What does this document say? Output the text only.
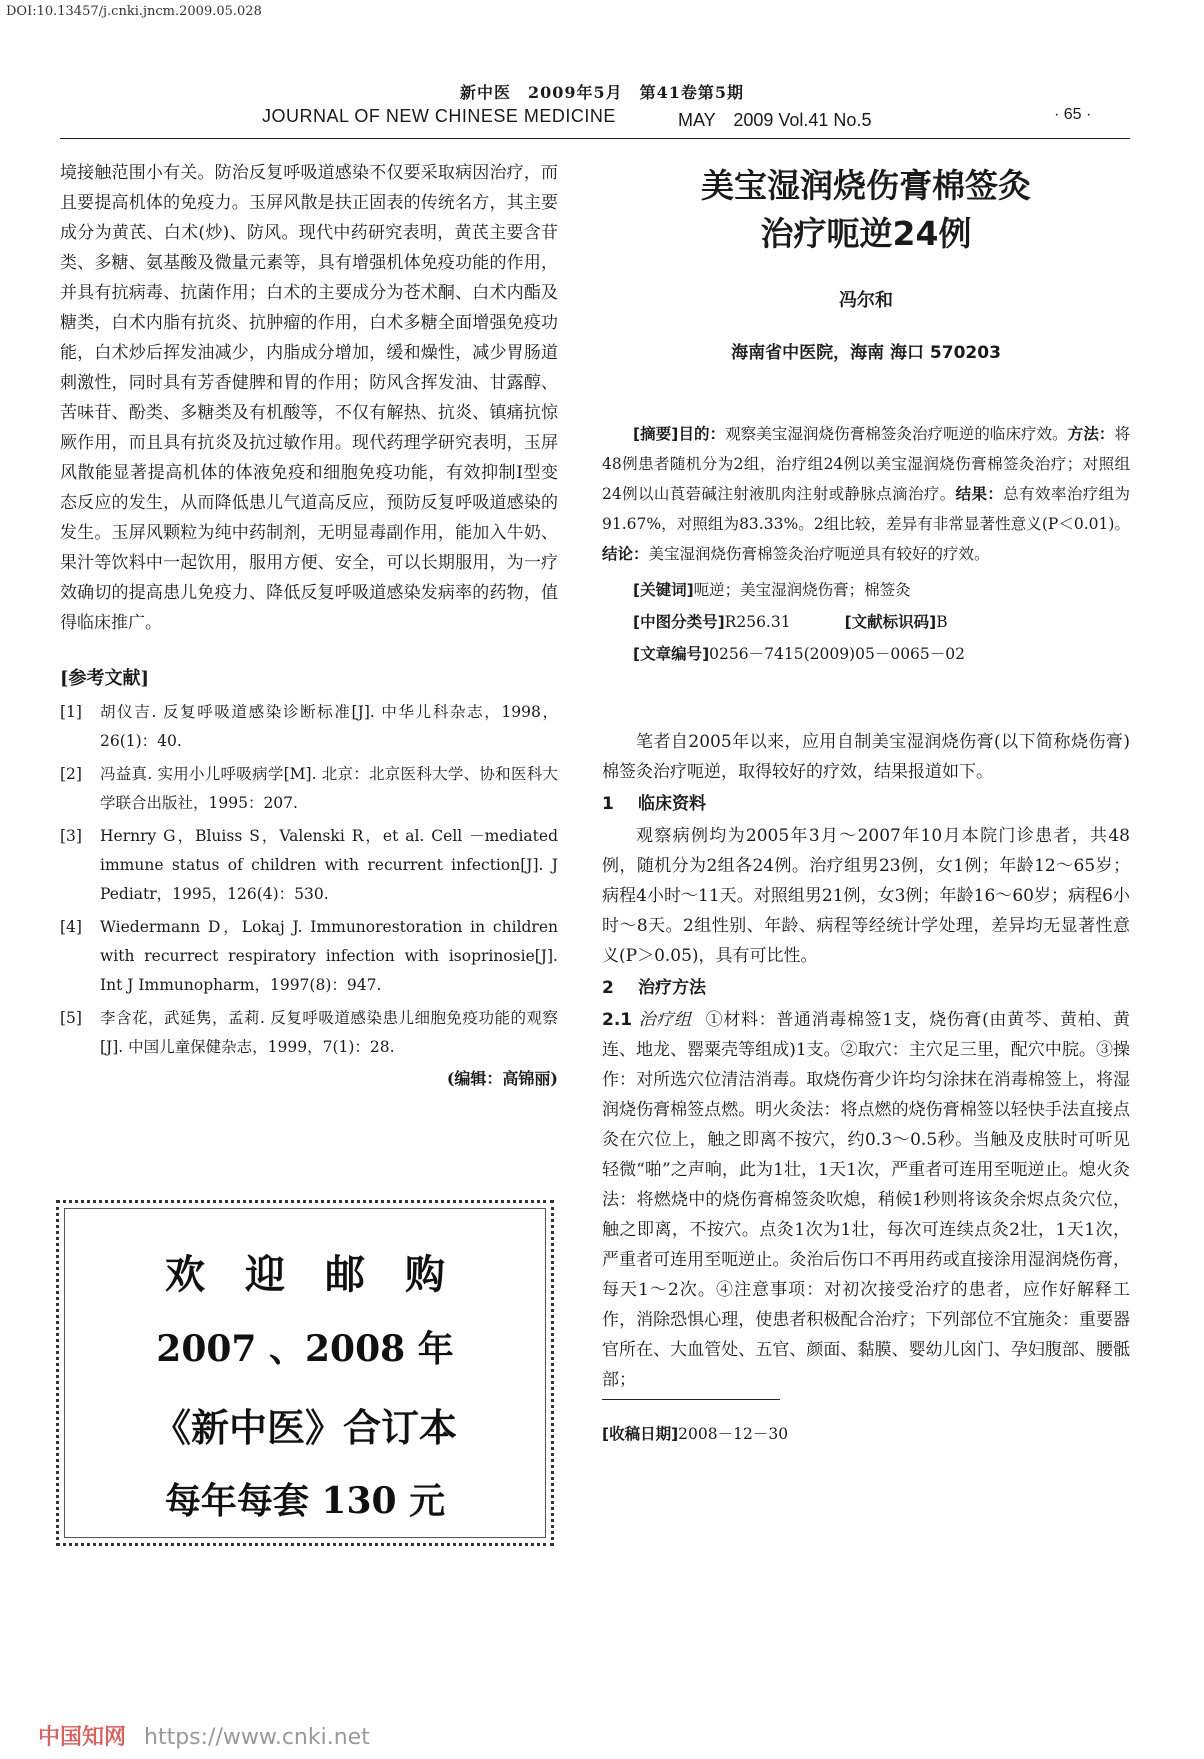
DOI:10.13457/j.cnki.jncm.2009.05.028
新中医　2009年5月　第41卷第5期
JOURNAL OF NEW CHINESE MEDICINE	MAY　2009 Vol.41 No.5	· 65 ·

境接触范围小有关。防治反复呼吸道感染不仅要采取病因治疗，而且要提高机体的免疫力。玉屏风散是扶正固表的传统名方，其主要成分为黄芪、白术(炒)、防风。现代中药研究表明，黄芪主要含苷类、多糖、氨基酸及微量元素等，具有增强机体免疫功能的作用，并具有抗病毒、抗菌作用；白术的主要成分为苍术酮、白术内酯及糖类，白术内脂有抗炎、抗肿瘤的作用，白术多糖全面增强免疫功能，白术炒后挥发油减少，内脂成分增加，缓和燥性，减少胃肠道刺激性，同时具有芳香健脾和胃的作用；防风含挥发油、甘露醇、苦味苷、酚类、多糖类及有机酸等，不仅有解热、抗炎、镇痛抗惊厥作用，而且具有抗炎及抗过敏作用。现代药理学研究表明，玉屏风散能显著提高机体的体液免疫和细胞免疫功能，有效抑制Ⅰ型变态反应的发生，从而降低患儿气道高反应，预防反复呼吸道感染的发生。玉屏风颗粒为纯中药制剂，无明显毒副作用，能加入牛奶、果汁等饮料中一起饮用，服用方便、安全，可以长期服用，为一疗效确切的提高患儿免疫力、降低反复呼吸道感染发病率的药物，值得临床推广。

[参考文献]
[1]	胡仪吉. 反复呼吸道感染诊断标准[J]. 中华儿科杂志，1998，26(1)：40.
[2]	冯益真. 实用小儿呼吸病学[M]. 北京：北京医科大学、协和医科大学联合出版社，1995：207.
[3]	Hernry G，Bluiss S，Valenski R，et al. Cell －mediated immune status of children with recurrent infection[J]. J Pediatr，1995，126(4)：530.
[4]	Wiedermann D，Lokaj J. Immunorestoration in children with recurrect respiratory infection with isoprinosie[J]. Int J Immunopharm，1997(8)：947.
[5]	李含花，武延隽，孟莉. 反复呼吸道感染患儿细胞免疫功能的观察[J]. 中国儿童保健杂志，1999，7(1)：28.
(编辑：高锦丽)
欢　迎　邮　购
2007 、2008 年
《新中医》合订本
每年每套 130 元
美宝湿润烧伤膏棉签灸
治疗呃逆24例
冯尔和
海南省中医院，海南 海口 570203
[摘要]目的：观察美宝湿润烧伤膏棉签灸治疗呃逆的临床疗效。方法：将48例患者随机分为2组，治疗组24例以美宝湿润烧伤膏棉签灸治疗；对照组24例以山莨菪碱注射液肌肉注射或静脉点滴治疗。结果：总有效率治疗组为91.67%，对照组为83.33%。2组比较，差异有非常显著性意义(P＜0.01)。结论：美宝湿润烧伤膏棉签灸治疗呃逆具有较好的疗效。
[关键词]呃逆；美宝湿润烧伤膏；棉签灸
[中图分类号]R256.31	[文献标识码]B
[文章编号]0256－7415(2009)05－0065－02

笔者自2005年以来，应用自制美宝湿润烧伤膏(以下简称烧伤膏)棉签灸治疗呃逆，取得较好的疗效，结果报道如下。

1 临床资料

观察病例均为2005年3月～2007年10月本院门诊患者，共48例，随机分为2组各24例。治疗组男23例，女1例；年龄12～65岁；病程4小时～11天。对照组男21例，女3例；年龄16～60岁；病程6小时～8天。2组性别、年龄、病程等经统计学处理，差异均无显著性意义(P＞0.05)，具有可比性。

2 治疗方法

2.1 治疗组 ①材料：普通消毒棉签1支，烧伤膏(由黄芩、黄柏、黄连、地龙、罂粟壳等组成)1支。②取穴：主穴足三里，配穴中脘。③操作：对所选穴位清洁消毒。取烧伤膏少许均匀涂抹在消毒棉签上，将湿润烧伤膏棉签点燃。明火灸法：将点燃的烧伤膏棉签以轻快手法直接点灸在穴位上，触之即离不按穴，约0.3～0.5秒。当触及皮肤时可听见轻微“啪”之声响，此为1壮，1天1次，严重者可连用至呃逆止。熄火灸法：将燃烧中的烧伤膏棉签灸吹熄，稍候1秒则将该灸余烬点灸穴位，触之即离，不按穴。点灸1次为1壮，每次可连续点灸2壮，1天1次，严重者可连用至呃逆止。灸治后伤口不再用药或直接涂用湿润烧伤膏，每天1～2次。④注意事项：对初次接受治疗的患者，应作好解释工作，消除恐惧心理，使患者积极配合治疗；下列部位不宜施灸：重要器官所在、大血管处、五官、颜面、黏膜、婴幼儿囟门、孕妇腹部、腰骶部；

[收稿日期]2008－12－30
中国知网 https://www.cnki.net
